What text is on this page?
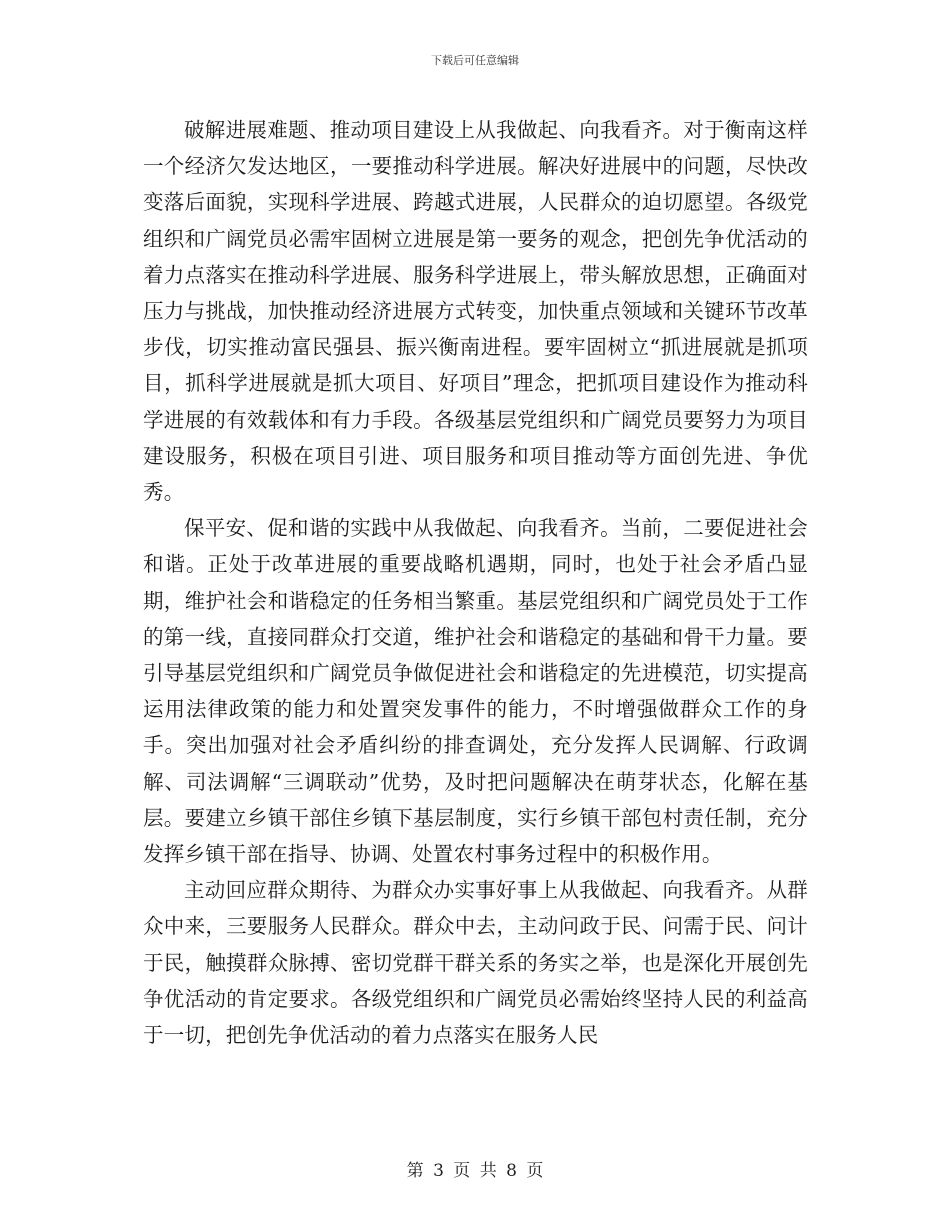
下载后可任意编辑

破解进展难题、推动项目建设上从我做起、向我看齐。对于衡南这样一个经济欠发达地区，一要推动科学进展。解决好进展中的问题，尽快改变落后面貌，实现科学进展、跨越式进展，人民群众的迫切愿望。各级党组织和广阔党员必需牢固树立进展是第一要务的观念，把创先争优活动的着力点落实在推动科学进展、服务科学进展上，带头解放思想，正确面对压力与挑战，加快推动经济进展方式转变，加快重点领域和关键环节改革步伐，切实推动富民强县、振兴衡南进程。要牢固树立“抓进展就是抓项目，抓科学进展就是抓大项目、好项目”理念，把抓项目建设作为推动科学进展的有效载体和有力手段。各级基层党组织和广阔党员要努力为项目建设服务，积极在项目引进、项目服务和项目推动等方面创先进、争优秀。

保平安、促和谐的实践中从我做起、向我看齐。当前，二要促进社会和谐。正处于改革进展的重要战略机遇期，同时，也处于社会矛盾凸显期，维护社会和谐稳定的任务相当繁重。基层党组织和广阔党员处于工作的第一线，直接同群众打交道，维护社会和谐稳定的基础和骨干力量。要引导基层党组织和广阔党员争做促进社会和谐稳定的先进模范，切实提高运用法律政策的能力和处置突发事件的能力，不时增强做群众工作的身手。突出加强对社会矛盾纠纷的排查调处，充分发挥人民调解、行政调解、司法调解“三调联动”优势，及时把问题解决在萌芽状态，化解在基层。要建立乡镇干部住乡镇下基层制度，实行乡镇干部包村责任制，充分发挥乡镇干部在指导、协调、处置农村事务过程中的积极作用。

主动回应群众期待、为群众办实事好事上从我做起、向我看齐。从群众中来，三要服务人民群众。群众中去，主动问政于民、问需于民、问计于民，触摸群众脉搏、密切党群干群关系的务实之举，也是深化开展创先争优活动的肯定要求。各级党组织和广阔党员必需始终坚持人民的利益高于一切，把创先争优活动的着力点落实在服务人民

第 3 页 共 8 页
